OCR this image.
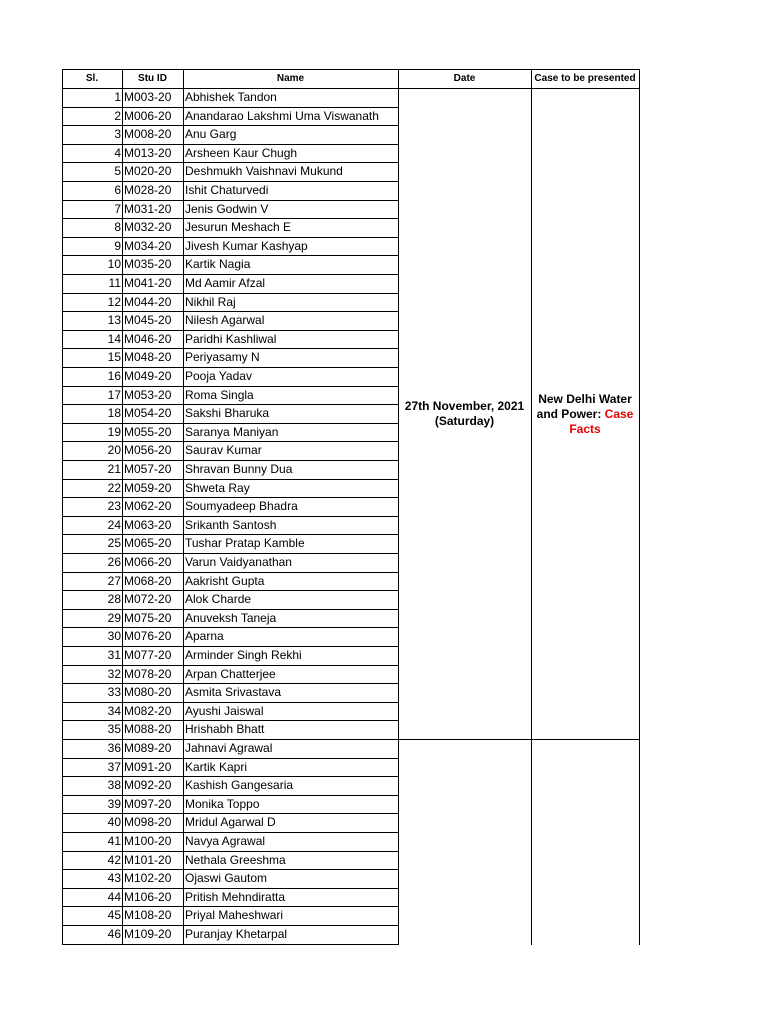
Sl.	Stu ID	Name	Date	Case to be presented
27th November, 2021
(Saturday)
New Delhi Water and Power: Case Facts
1 M003-20	Abhishek Tandon
2 M006-20	Anandarao Lakshmi Uma Viswanath
3 M008-20	Anu Garg
4 M013-20	Arsheen Kaur Chugh
5 M020-20	Deshmukh Vaishnavi Mukund
6 M028-20	Ishit Chaturvedi
7 M031-20	Jenis Godwin V
8 M032-20	Jesurun Meshach E
9 M034-20	Jivesh Kumar Kashyap
10 M035-20	Kartik Nagia
11 M041-20	Md Aamir Afzal
12 M044-20	Nikhil Raj
13 M045-20	Nilesh Agarwal
14 M046-20	Paridhi Kashliwal
15 M048-20	Periyasamy N
16 M049-20	Pooja Yadav
17 M053-20	Roma Singla
18 M054-20	Sakshi Bharuka
19 M055-20	Saranya Maniyan
20 M056-20	Saurav Kumar
21 M057-20	Shravan Bunny Dua
22 M059-20	Shweta Ray
23 M062-20	Soumyadeep Bhadra
24 M063-20	Srikanth Santosh
25 M065-20	Tushar Pratap Kamble
26 M066-20	Varun Vaidyanathan
27 M068-20	Aakrisht Gupta
28 M072-20	Alok Charde
29 M075-20	Anuveksh Taneja
30 M076-20	Aparna
31 M077-20	Arminder Singh Rekhi
32 M078-20	Arpan Chatterjee
33 M080-20	Asmita Srivastava
34 M082-20	Ayushi Jaiswal
35 M088-20	Hrishabh Bhatt
36 M089-20	Jahnavi Agrawal
37 M091-20	Kartik Kapri
38 M092-20	Kashish Gangesaria
39 M097-20	Monika Toppo
40 M098-20	Mridul Agarwal D
41 M100-20	Navya Agrawal
42 M101-20	Nethala Greeshma
43 M102-20	Ojaswi Gautom
44 M106-20	Pritish Mehndiratta
45 M108-20	Priyal Maheshwari
46 M109-20	Puranjay Khetarpal
